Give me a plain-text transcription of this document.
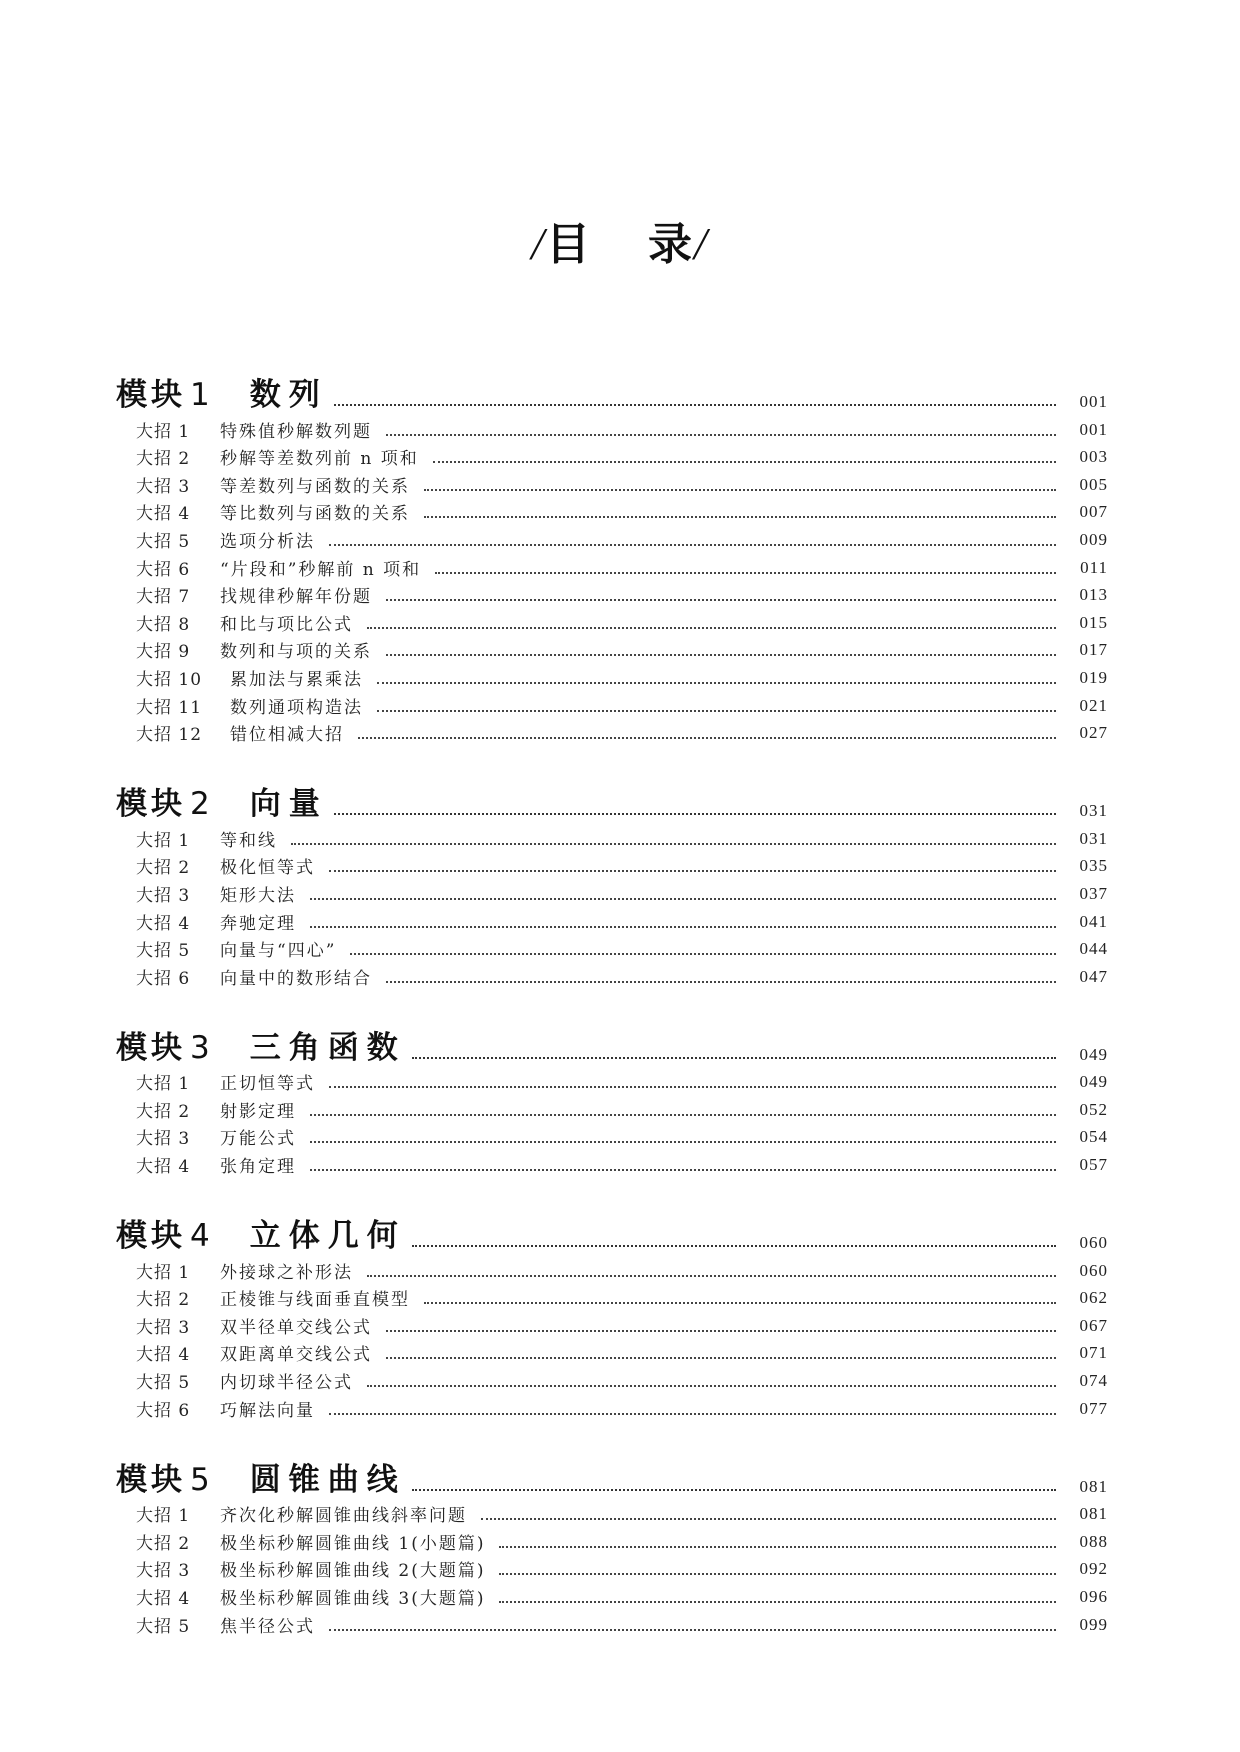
/目 录/
模块 1 数列	001
大招 1	特殊值秒解数列题	001
大招 2	秒解等差数列前 n 项和	003
大招 3	等差数列与函数的关系	005
大招 4	等比数列与函数的关系	007
大招 5	选项分析法	009
大招 6	“片段和”秒解前 n 项和	011
大招 7	找规律秒解年份题	013
大招 8	和比与项比公式	015
大招 9	数列和与项的关系	017
大招 10	累加法与累乘法	019
大招 11	数列通项构造法	021
大招 12	错位相减大招	027
模块 2 向量	031
大招 1	等和线	031
大招 2	极化恒等式	035
大招 3	矩形大法	037
大招 4	奔驰定理	041
大招 5	向量与“四心”	044
大招 6	向量中的数形结合	047
模块 3 三角函数	049
大招 1	正切恒等式	049
大招 2	射影定理	052
大招 3	万能公式	054
大招 4	张角定理	057
模块 4 立体几何	060
大招 1	外接球之补形法	060
大招 2	正棱锥与线面垂直模型	062
大招 3	双半径单交线公式	067
大招 4	双距离单交线公式	071
大招 5	内切球半径公式	074
大招 6	巧解法向量	077
模块 5 圆锥曲线	081
大招 1	齐次化秒解圆锥曲线斜率问题	081
大招 2	极坐标秒解圆锥曲线 1(小题篇)	088
大招 3	极坐标秒解圆锥曲线 2(大题篇)	092
大招 4	极坐标秒解圆锥曲线 3(大题篇)	096
大招 5	焦半径公式	099
